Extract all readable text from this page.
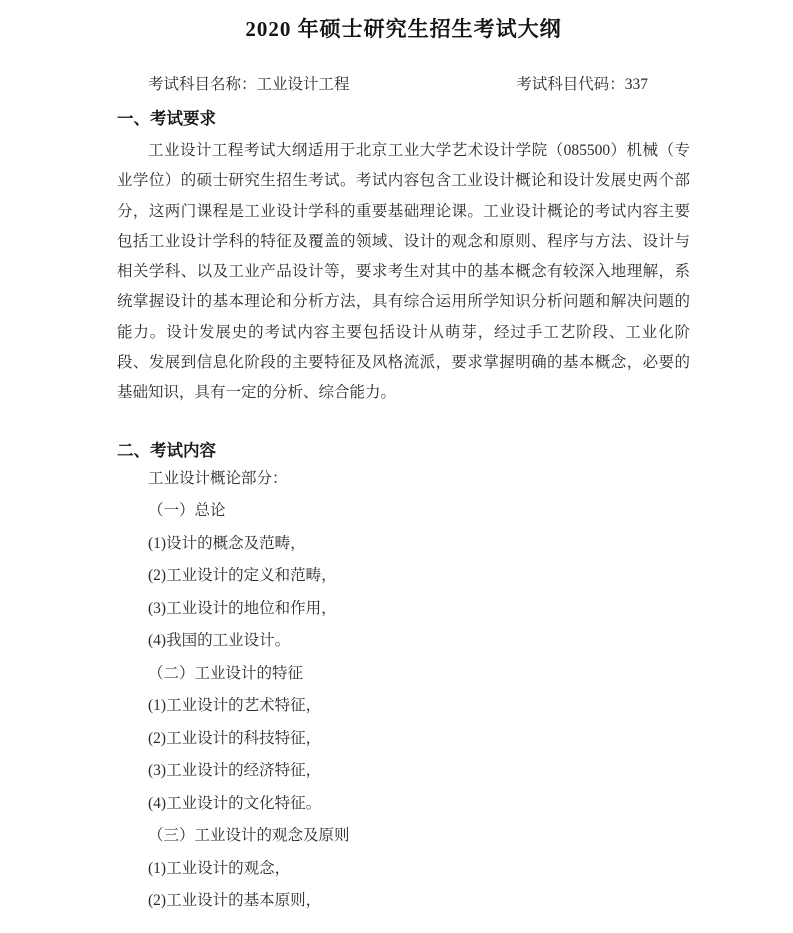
2020 年硕士研究生招生考试大纲
考试科目名称：工业设计工程	考试科目代码：337
一、考试要求

工业设计工程考试大纲适用于北京工业大学艺术设计学院（085500）机械（专业学位）的硕士研究生招生考试。考试内容包含工业设计概论和设计发展史两个部分，这两门课程是工业设计学科的重要基础理论课。工业设计概论的考试内容主要包括工业设计学科的特征及覆盖的领域、设计的观念和原则、程序与方法、设计与相关学科、以及工业产品设计等，要求考生对其中的基本概念有较深入地理解，系统掌握设计的基本理论和分析方法，具有综合运用所学知识分析问题和解决问题的能力。设计发展史的考试内容主要包括设计从萌芽，经过手工艺阶段、工业化阶段、发展到信息化阶段的主要特征及风格流派，要求掌握明确的基本概念，必要的基础知识，具有一定的分析、综合能力。

二、考试内容

工业设计概论部分：

（一）总论

(1)设计的概念及范畴，

(2)工业设计的定义和范畴，

(3)工业设计的地位和作用，

(4)我国的工业设计。

（二）工业设计的特征

(1)工业设计的艺术特征，

(2)工业设计的科技特征，

(3)工业设计的经济特征，

(4)工业设计的文化特征。

（三）工业设计的观念及原则

(1)工业设计的观念，

(2)工业设计的基本原则，
